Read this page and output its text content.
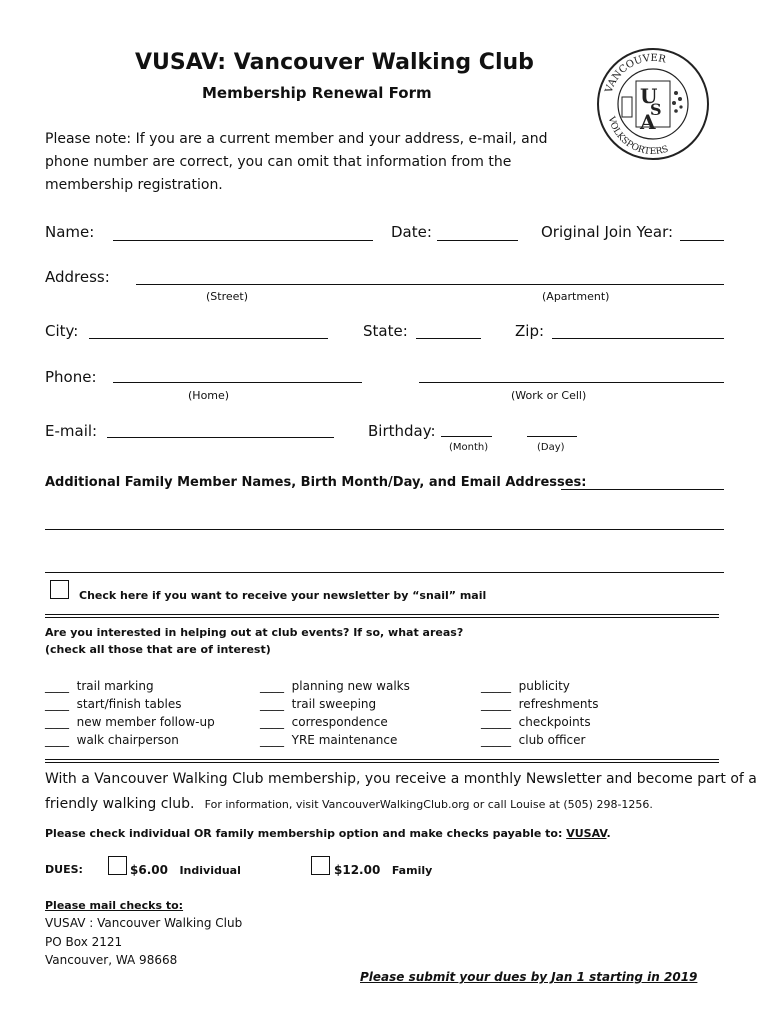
VUSAV: Vancouver Walking Club
Membership Renewal Form
Please note: If you are a current member and your address, e-mail, and phone number are correct, you can omit that information from the membership registration.
VANCOUVER
VOLKSPORTERS
U
S
A
Name:	Date:	Original Join Year:
Address:
(Street)	(Apartment)
City:	State:	Zip:
Phone:
(Home)	(Work or Cell)
E-mail:	Birthday:
(Month)	(Day)
Additional Family Member Names, Birth Month/Day, and Email Addresses:
Check here if you want to receive your newsletter by “snail” mail
Are you interested in helping out at club events? If so, what areas?
(check all those that are of interest)
____ trail marking
____ start/finish tables
____ new member follow-up
____ walk chairperson
____ planning new walks
____ trail sweeping
____ correspondence
____ YRE maintenance
_____ publicity
_____ refreshments
_____ checkpoints
_____ club officer
With a Vancouver Walking Club membership, you receive a monthly Newsletter and become part of a
friendly walking club. For information, visit VancouverWalkingClub.org or call Louise at (505) 298-1256.
Please check individual OR family membership option and make checks payable to: VUSAV.
DUES:	$6.00 Individual	$12.00 Family
Please mail checks to:
VUSAV : Vancouver Walking Club
PO Box 2121
Vancouver, WA 98668
Please submit your dues by Jan 1 starting in 2019
